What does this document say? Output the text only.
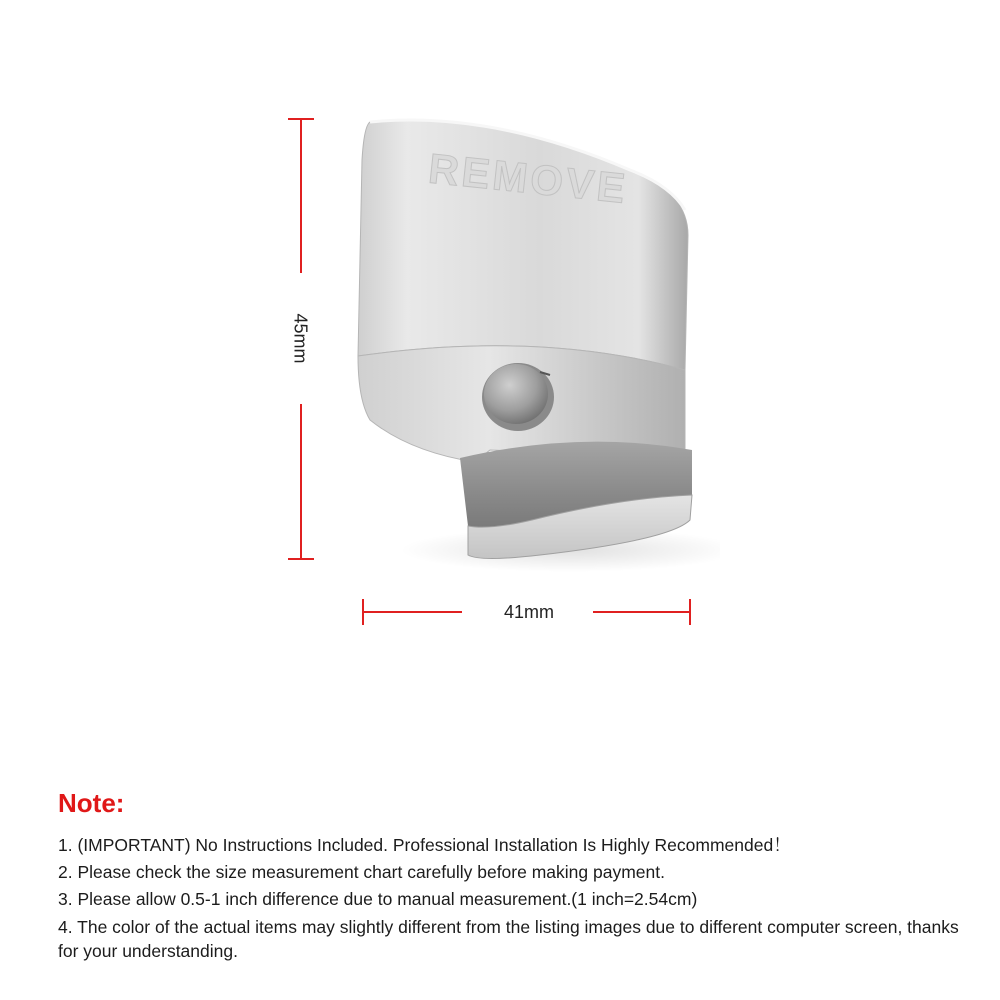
45mm
41mm
REMOVE
Note:
1. (IMPORTANT) No Instructions Included. Professional Installation Is Highly Recommended！
2. Please check the size measurement chart carefully before making payment.
3. Please allow 0.5-1 inch difference due to manual measurement.(1 inch=2.54cm)
4. The color of the actual items may slightly different from the listing images due to different computer screen, thanks for your understanding.
